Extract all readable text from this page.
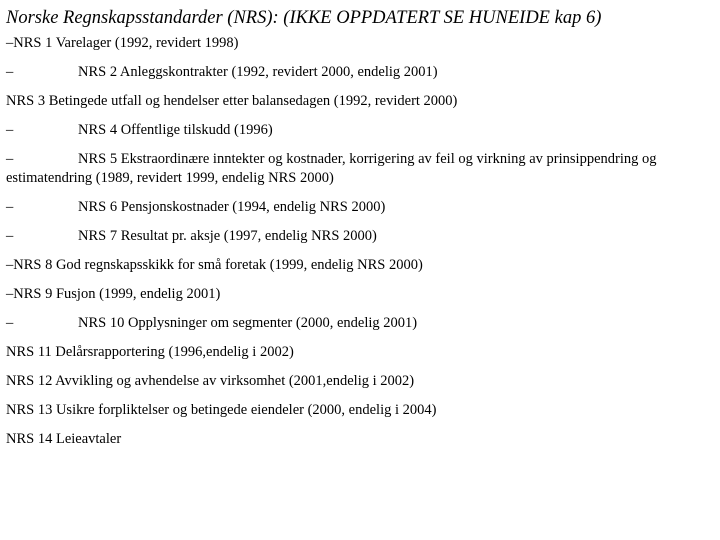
Norske Regnskapsstandarder (NRS): (IKKE OPPDATERT SE HUNEIDE kap 6)

–NRS 1 Varelager (1992, revidert 1998)

–	NRS 2 Anleggskontrakter (1992, revidert 2000, endelig 2001)

NRS 3 Betingede utfall og hendelser etter balansedagen (1992, revidert 2000)

–	NRS 4 Offentlige tilskudd (1996)

–	NRS 5 Ekstraordinære inntekter og kostnader, korrigering av feil og virkning av prinsippendring og estimatendring (1989, revidert 1999, endelig NRS 2000)

–	NRS 6 Pensjonskostnader (1994, endelig NRS 2000)

–	NRS 7 Resultat pr. aksje (1997, endelig NRS 2000)

–NRS 8 God regnskapsskikk for små foretak (1999, endelig NRS 2000)

–NRS 9 Fusjon (1999, endelig 2001)

–	NRS 10 Opplysninger om segmenter (2000, endelig 2001)

NRS 11 Delårsrapportering (1996,endelig i 2002)

NRS 12 Avvikling og avhendelse av virksomhet (2001,endelig i 2002)

NRS 13 Usikre forpliktelser og betingede eiendeler (2000, endelig i 2004)

NRS 14 Leieavtaler
